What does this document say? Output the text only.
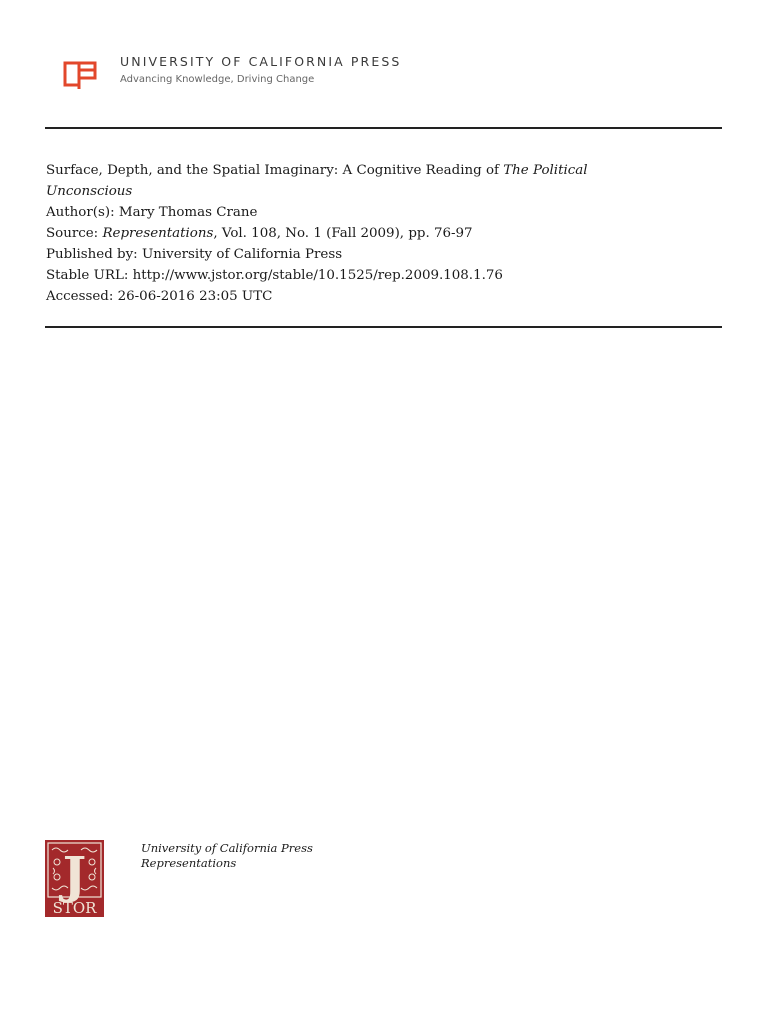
UNIVERSITY OF CALIFORNIA PRESS
Advancing Knowledge, Driving Change
Surface, Depth, and the Spatial Imaginary: A Cognitive Reading of The Political
Unconscious
Author(s): Mary Thomas Crane
Source: Representations, Vol. 108, No. 1 (Fall 2009), pp. 76-97
Published by: University of California Press
Stable URL: http://www.jstor.org/stable/10.1525/rep.2009.108.1.76
Accessed: 26-06-2016 23:05 UTC
J
STOR
University of California Press
Representations
